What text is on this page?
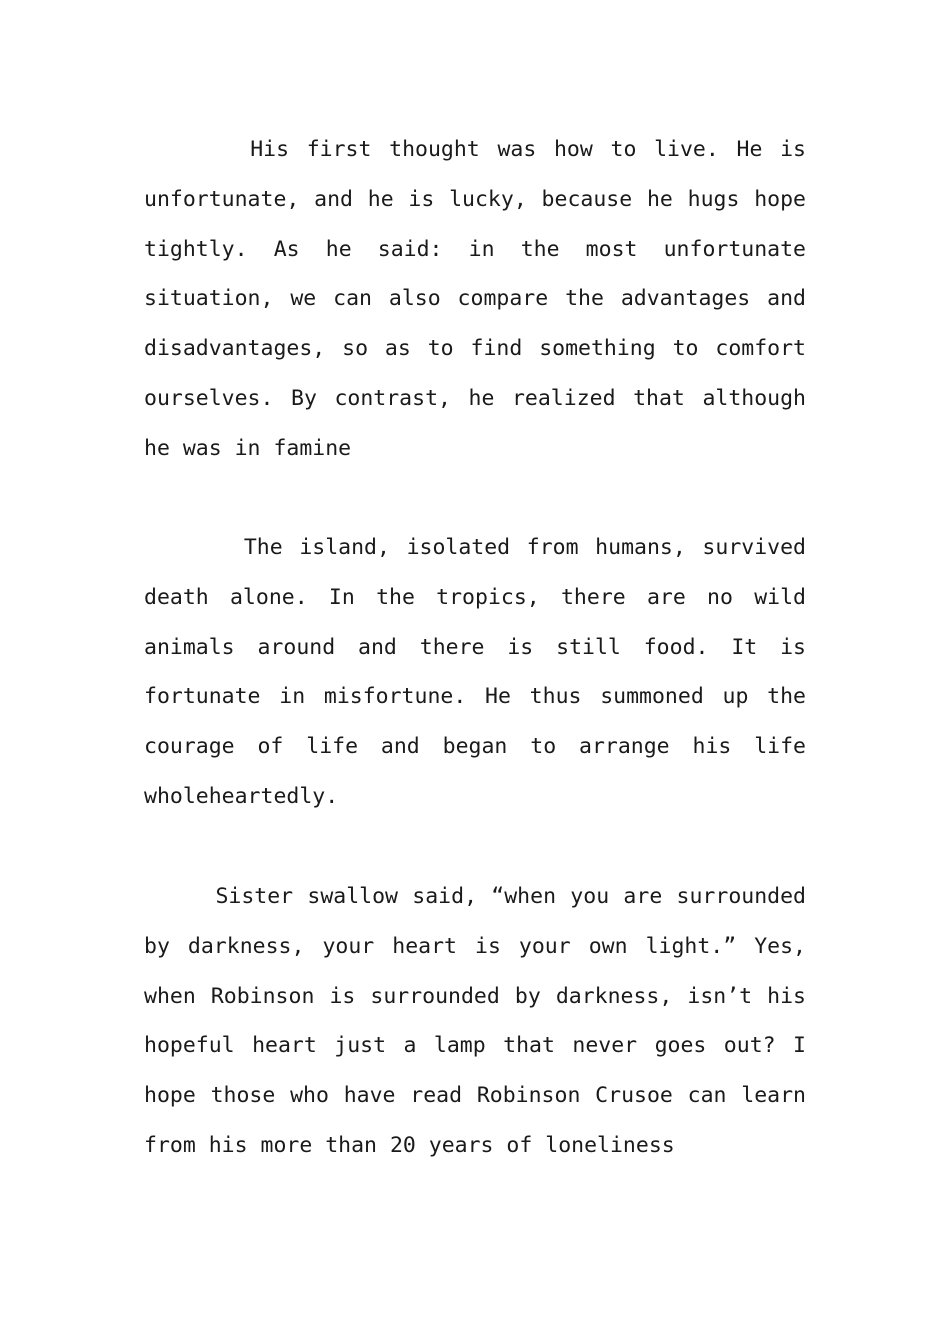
His first thought was how to live. He is
unfortunate, and he is lucky, because he hugs hope
tightly. As he said: in the most unfortunate
situation, we can also compare the advantages and
disadvantages, so as to find something to comfort
ourselves. By contrast, he realized that although
he was in famine
The island, isolated from humans, survived
death alone. In the tropics, there are no wild
animals around and there is still food. It is
fortunate in misfortune. He thus summoned up the
courage of life and began to arrange his life
wholeheartedly.
Sister swallow said, “when you are surrounded
by darkness, your heart is your own light.” Yes,
when Robinson is surrounded by darkness, isn’t his
hopeful heart just a lamp that never goes out? I
hope those who have read Robinson Crusoe can learn
from his more than 20 years of loneliness
